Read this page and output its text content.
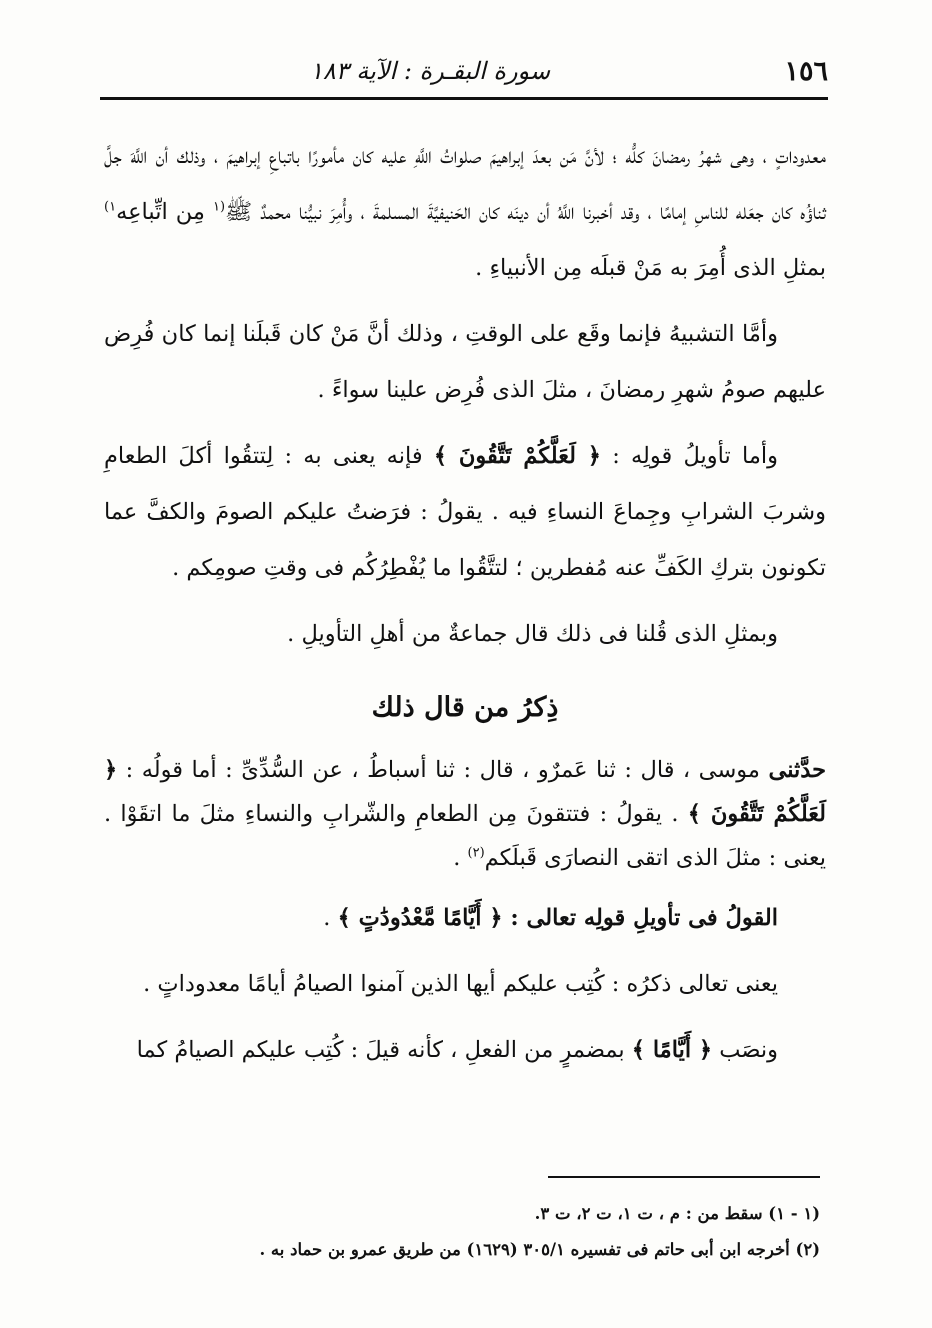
١٥٦
سورة البقـرة : الآية ١٨٣

معدوداتٍ ، وهى شهرُ رمضانَ كلُّه ؛ لأنَّ مَن بعدَ إبراهيمَ صلواتُ اللَّهِ عليه كان مأمورًا باتباعِ إبراهيمَ ، وذلك أن اللَّهَ جلَّ ثناؤُه كان جعَله للناسِ إمامًا ، وقد أخبرنا اللَّهُ أن دينَه كان الحَنيفيَّةَ المسلمةَ ، وأُمِرَ نبيُّنا محمدٌ ﷺ$^{(١}$ مِن اتِّباعِه$^{١)}$ بمثلِ الذى أُمِرَ به مَنْ قبلَه مِن الأنبياءِ .

وأمَّا التشبيهُ فإنما وقَع على الوقتِ ، وذلك أنَّ مَنْ كان قَبلَنا إنما كان فُرِض عليهم صومُ شهرِ رمضانَ ، مثلَ الذى فُرِض علينا سواءً .

وأما تأويلُ قولِه : ﴿ لَعَلَّكُمْ تَتَّقُونَ ﴾ فإنه يعنى به : لِتتقُوا أكلَ الطعامِ وشربَ الشرابِ وجِماعَ النساءِ فيه . يقولُ : فرَضتُ عليكم الصومَ والكفَّ عما تكونون بتركِ الكَفِّ عنه مُفطرين ؛ لتتَّقُوا ما يُفْطِرُكُم فى وقتِ صومِكم .

وبمثلِ الذى قُلنا فى ذلك قال جماعةٌ من أهلِ التأويلِ .

ذِكرُ من قال ذلك

حدَّثنى موسى ، قال : ثنا عَمرٌو ، قال : ثنا أسباطُ ، عن السُّدِّىِّ : أما قولُه : ﴿ لَعَلَّكُمْ تَتَّقُونَ ﴾ . يقولُ : فتتقونَ مِن الطعامِ والشّرابِ والنساءِ مثلَ ما اتقَوْا . يعنى : مثلَ الذى اتقى النصارَى قَبلَكم$^{(٢)}$ .

القولُ فى تأويلِ قولِه تعالى : ﴿ أَيَّامًا مَّعْدُودَٰتٍ ﴾ .

يعنى تعالى ذكرُه : كُتِب عليكم أيها الذين آمنوا الصيامُ أيامًا معدوداتٍ .

ونصَب ﴿ أَيَّامًا ﴾ بمضمرٍ من الفعلِ ، كأنه قيلَ : كُتِب عليكم الصيامُ كما

(١ - ١) سقط من : م ، ت ١، ت ٢، ت ٣.

(٢) أخرجه ابن أبى حاتم فى تفسيره ٣٠٥/١ (١٦٢٩) من طريق عمرو بن حماد به .
